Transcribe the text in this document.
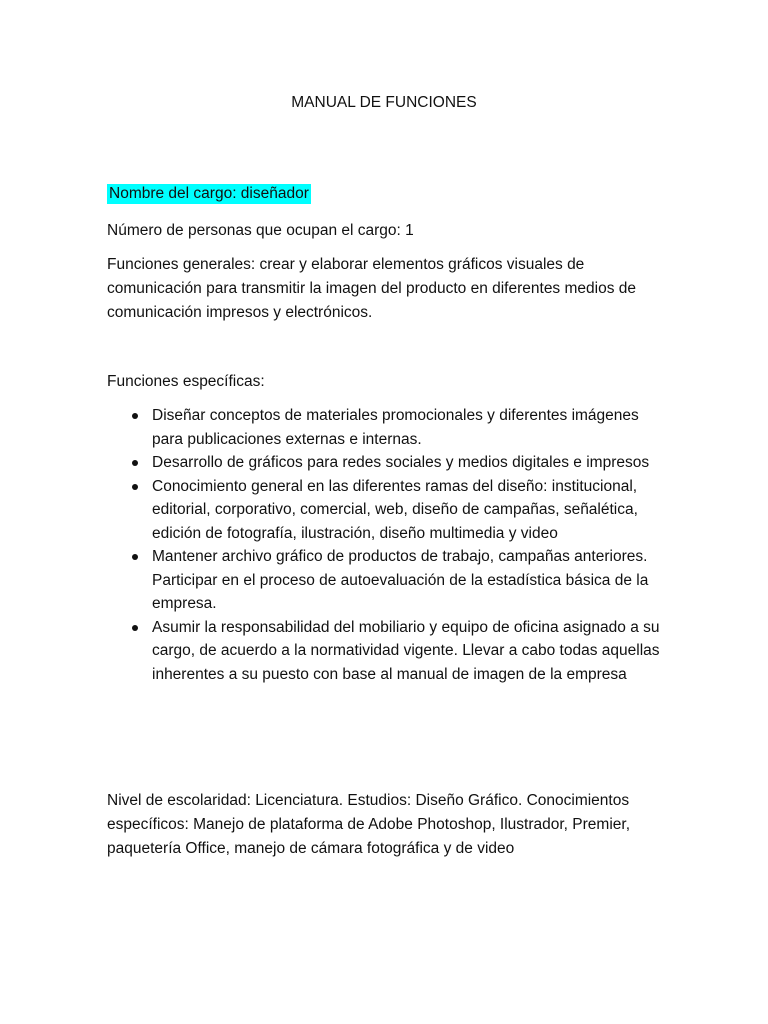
MANUAL DE FUNCIONES

Nombre del cargo: diseñador

Número de personas que ocupan el cargo: 1

Funciones generales: crear y elaborar elementos gráficos visuales de comunicación para transmitir la imagen del producto en diferentes medios de comunicación impresos y electrónicos.

Funciones específicas:

Diseñar conceptos de materiales promocionales y diferentes imágenes para publicaciones externas e internas.
Desarrollo de gráficos para redes sociales y medios digitales e impresos
Conocimiento general en las diferentes ramas del diseño: institucional, editorial, corporativo, comercial, web, diseño de campañas, señalética, edición de fotografía, ilustración, diseño multimedia y video
Mantener archivo gráfico de productos de trabajo, campañas anteriores. Participar en el proceso de autoevaluación de la estadística básica de la empresa.
Asumir la responsabilidad del mobiliario y equipo de oficina asignado a su cargo, de acuerdo a la normatividad vigente. Llevar a cabo todas aquellas inherentes a su puesto con base al manual de imagen de la empresa

Nivel de escolaridad: Licenciatura. Estudios: Diseño Gráfico. Conocimientos específicos: Manejo de plataforma de Adobe Photoshop, Ilustrador, Premier, paquetería Office, manejo de cámara fotográfica y de video
